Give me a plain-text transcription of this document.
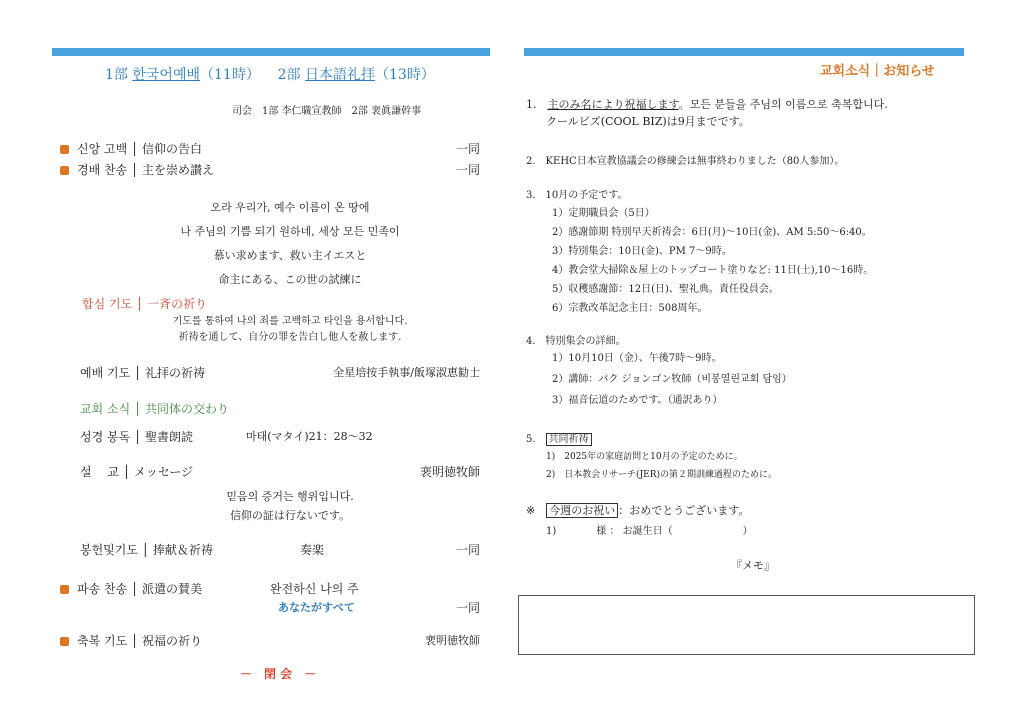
1部 한국어예배（11時） 2部 日本語礼拝（13時）
司会　1部 李仁職宣教師　2部 裵眞謙幹事
신앙 고백 │ 信仰の告白	一同
경배 찬송 │ 主を崇め讃え	一同
오라 우리가, 예수 이름이 온 땅에
나 주님의 기쁨 되기 원하네, 세상 모든 민족이
慕い求めます、救い主イエスと
命主にある、この世の試練に
합심 기도 │ 一斉の祈り
기도를 통하여 나의 죄를 고백하고 타인을 용서합니다.
祈祷を通して、自分の罪を告白し他人を赦します.
예배 기도 │ 礼拝の祈祷	全星培按手執事/飯塚淑恵勧士
교회 소식 │ 共同体の交わり
성경 봉독 │ 聖書朗読	마태(マタイ)21：28～32
설　 교 │ メッセージ	裵明徳牧師
믿음의 증거는 행위입니다.
信仰の証は行ないです。
봉헌및기도 │ 捧献＆祈祷	奏楽	一同
파송 찬송 │ 派遣の賛美	완전하신 나의 주
あなたがすべて	一同
축복 기도 │ 祝福の祈り	裵明徳牧師
－　閉 会　－
교회소식｜お知らせ
1.　主のみ名により祝福します。모든 분들을 주님의 이름으로 축복합니다.
クールビズ(COOL BIZ)は9月までです。
2.　KEHC日本宣教協議会の修練会は無事終わりました（80人参加）。
3.　10月の予定です。
1）定期職員会（5日）
2）感謝節期 特別早天祈祷会：6日(月)～10日(金)、AM 5:50～6:40。
3）特別集会：10日(金)、PM 7～9時。
4）教会堂大掃除＆屋上のトップコート塗りなど: 11日(土),10～16時。
5）収穫感謝節：12日(日)、聖礼典。責任役員会。
6）宗教改革記念主日：508周年。
4.　特別集会の詳細。
1）10月10日（金）、午後7時～9時。
2）講師：パク ジョンゴン牧師（비봉열린교회 담임）
3）福音伝道のためです。（通訳あり）
5.　共同祈祷
1)　2025年の家庭訪問と10月の予定のために。
2)　日本教会リサーチ(JER)の第２期訓練過程のために。
※　 今週のお祝い ：おめでとうございます。
1)　　　　様 ： お誕生日（　　　　　　　）
『メモ』
